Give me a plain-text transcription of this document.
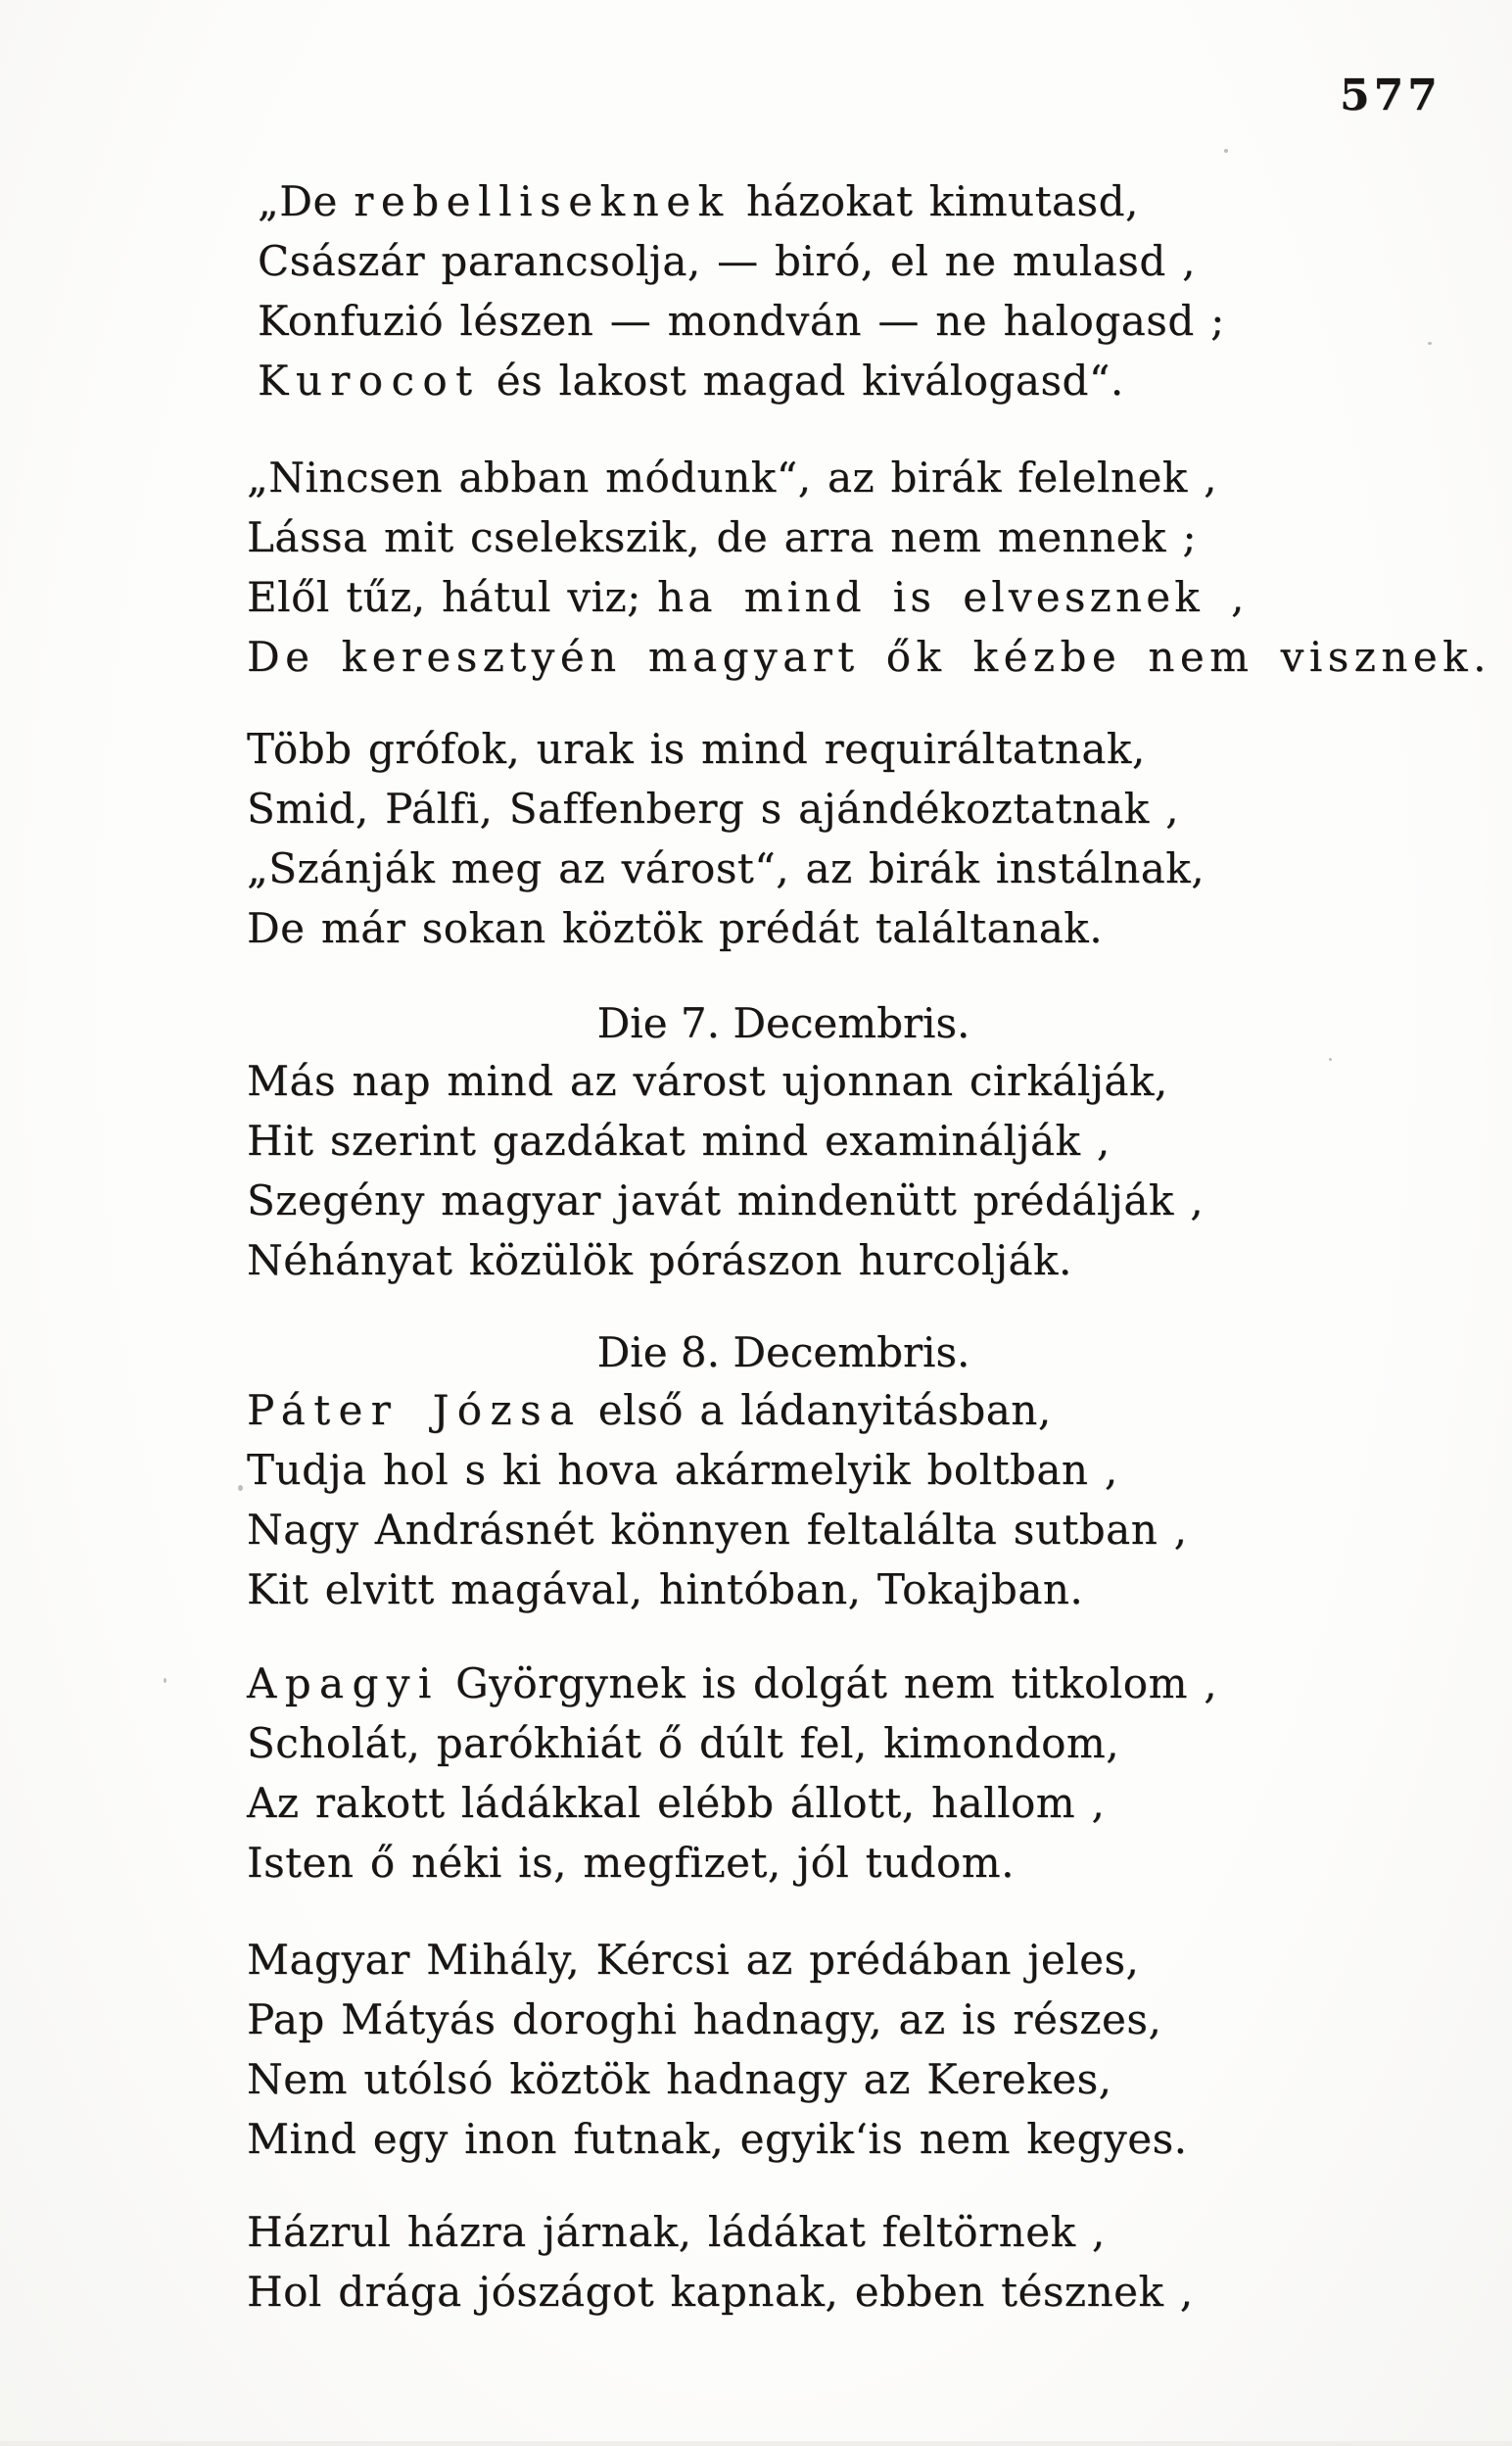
577
„De rebelliseknek házokat kimutasd,
Császár parancsolja, — biró, el ne mulasd ,
Konfuzió lészen — mondván — ne halogasd ;
Kurocot és lakost magad kiválogasd“.
„Nincsen abban módunk“, az birák felelnek ,
Lássa mit cselekszik, de arra nem mennek ;
Elől tűz, hátul viz; ha mind is elvesznek ,
De keresztyén magyart ők kézbe nem visznek.
Több grófok, urak is mind requiráltatnak,
Smid, Pálfi, Saffenberg s ajándékoztatnak ,
„Szánják meg az várost“, az birák instálnak,
De már sokan köztök prédát találtanak.
Die 7. Decembris.
Más nap mind az várost ujonnan cirkálják,
Hit szerint gazdákat mind examinálják ,
Szegény magyar javát mindenütt prédálják ,
Néhányat közülök pórászon hurcolják.
Die 8. Decembris.
Páter Józsa első a ládanyitásban,
Tudja hol s ki hova akármelyik boltban ,
Nagy Andrásnét könnyen feltalálta sutban ,
Kit elvitt magával, hintóban, Tokajban.
Apagyi Györgynek is dolgát nem titkolom ,
Scholát, parókhiát ő dúlt fel, kimondom,
Az rakott ládákkal elébb állott, hallom ,
Isten ő néki is, megfizet, jól tudom.
Magyar Mihály, Kércsi az prédában jeles,
Pap Mátyás doroghi hadnagy, az is részes,
Nem utólsó köztök hadnagy az Kerekes,
Mind egy inon futnak, egyik‘is nem kegyes.
Házrul házra járnak, ládákat feltörnek ,
Hol drága jószágot kapnak, ebben tésznek ,
